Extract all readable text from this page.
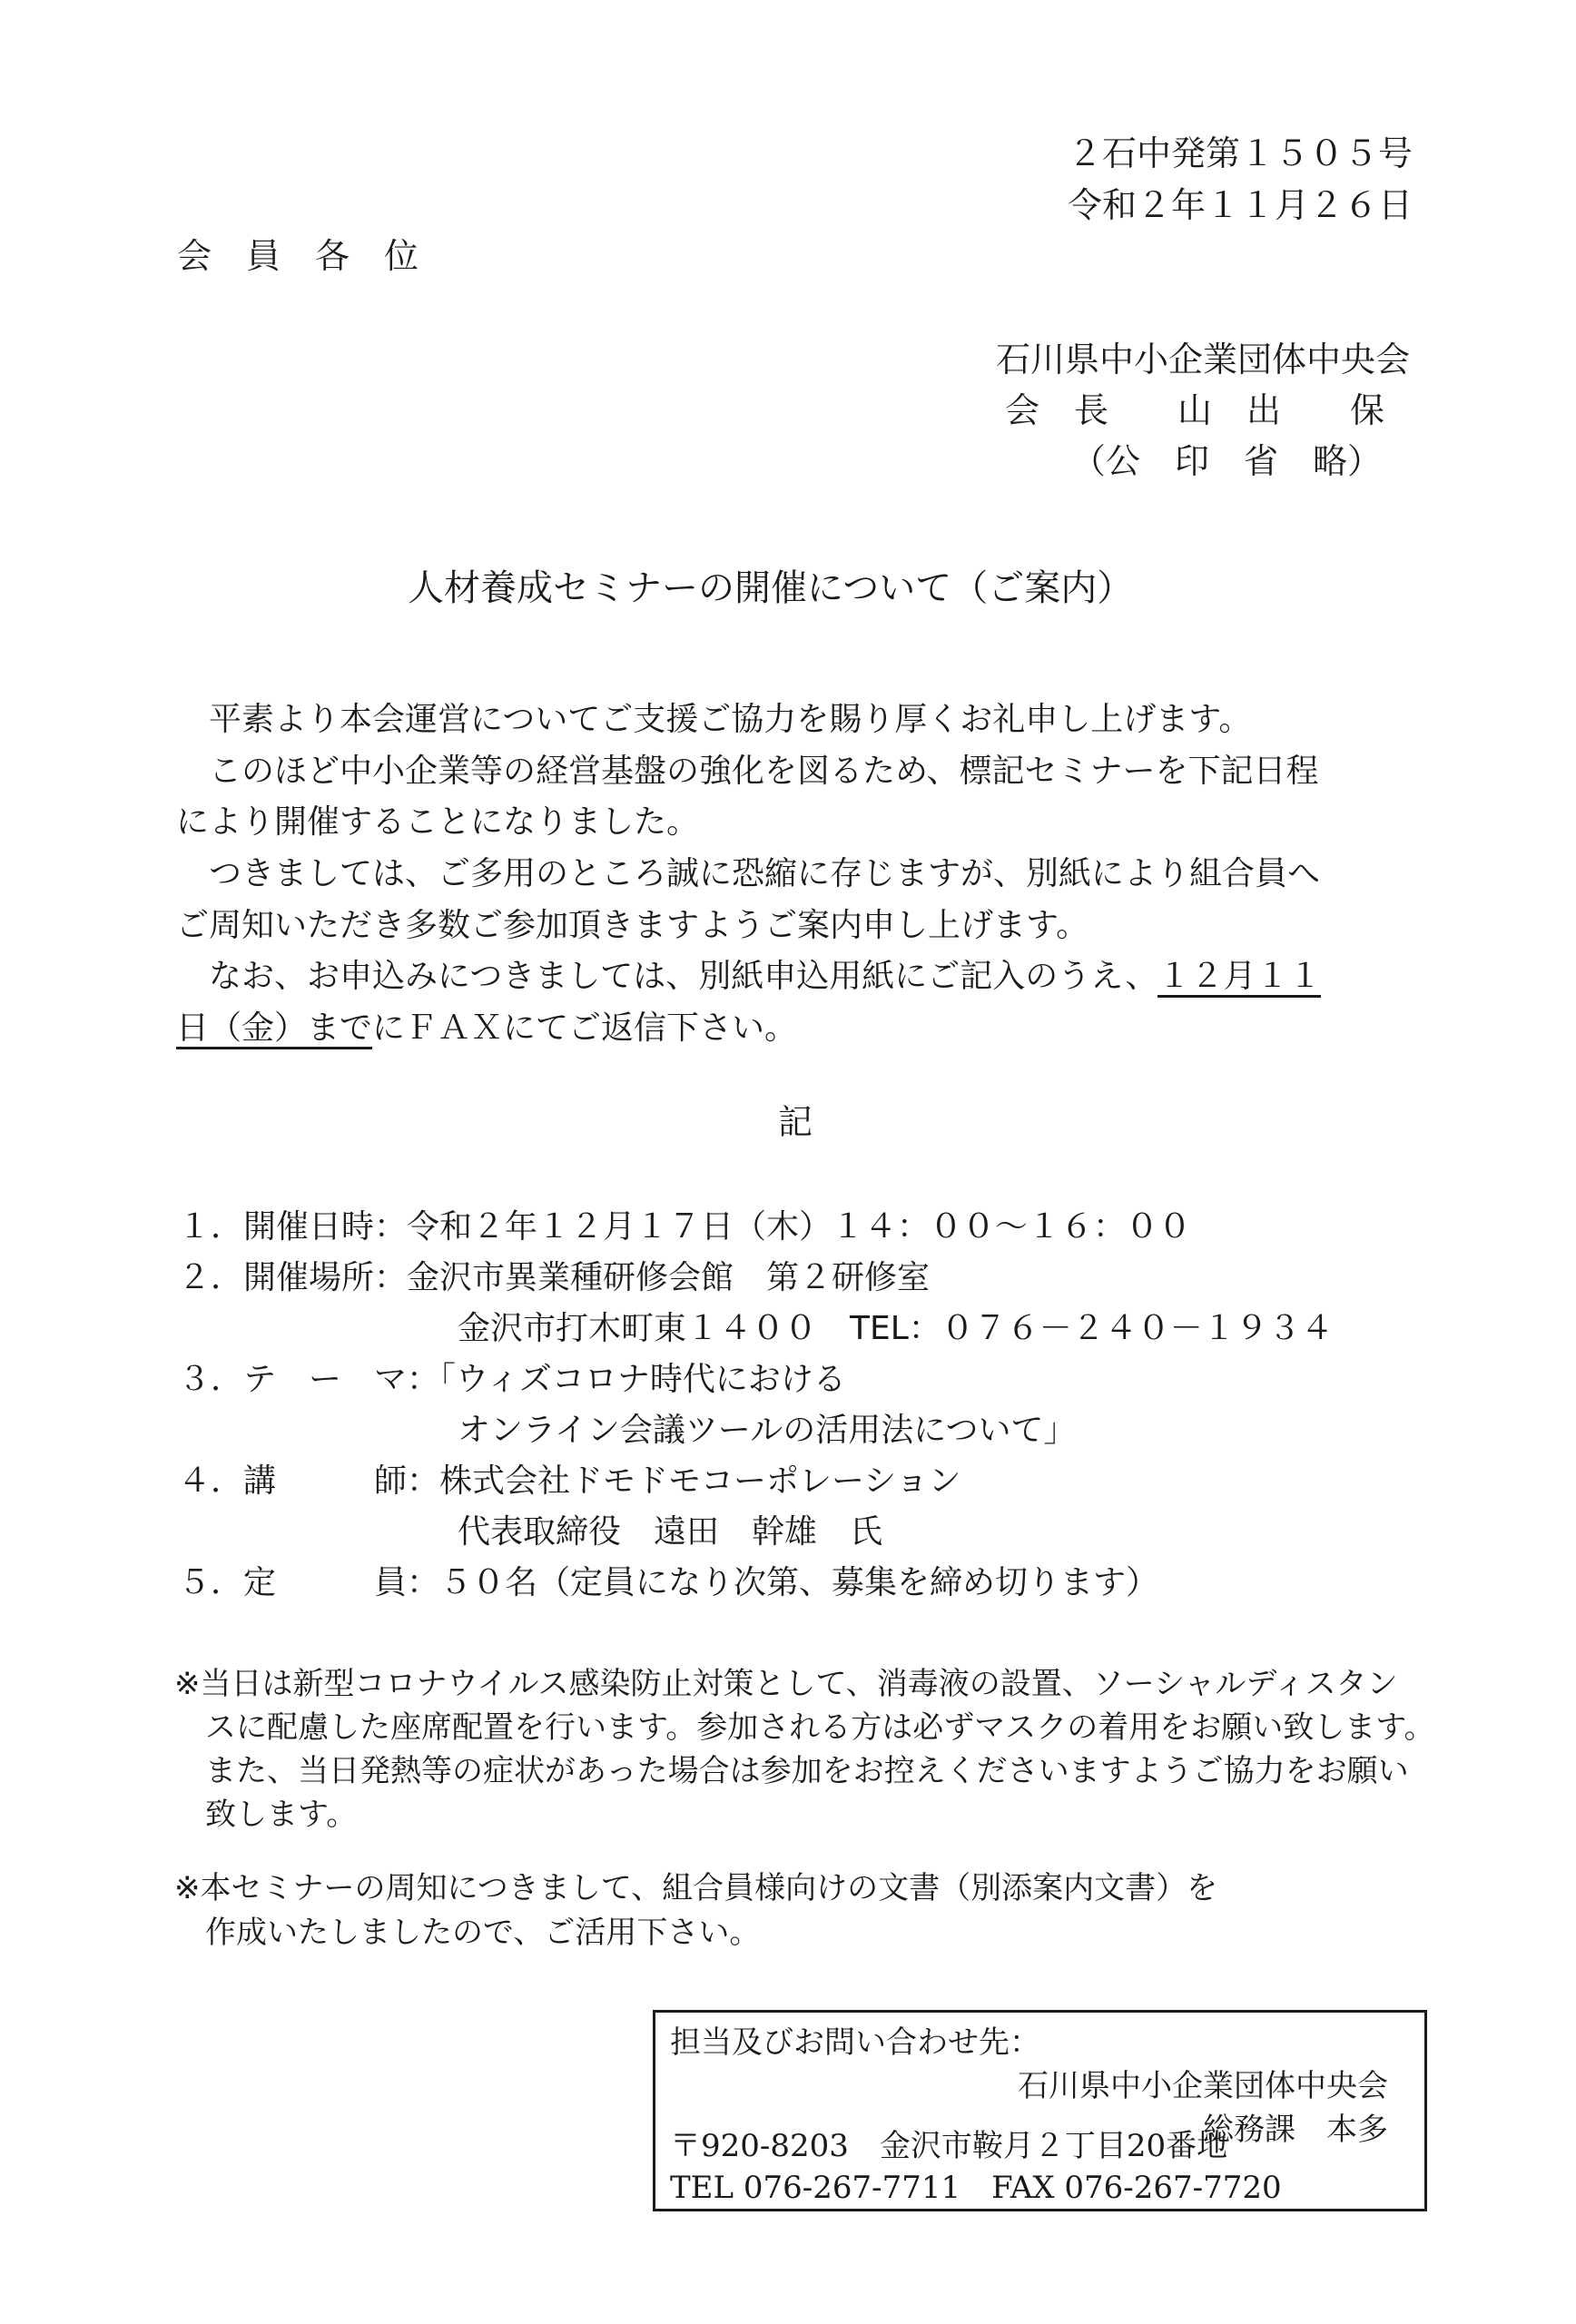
２石中発第１５０５号
令和２年１１月２６日
会　員　各　位
石川県中小企業団体中央会
会　長　　山　出　　保
（公　印　省　略）
人材養成セミナーの開催について（ご案内）
　平素より本会運営についてご支援ご協力を賜り厚くお礼申し上げます。
　このほど中小企業等の経営基盤の強化を図るため、標記セミナーを下記日程
により開催することになりました。
　つきましては、ご多用のところ誠に恐縮に存じますが、別紙により組合員へ
ご周知いただき多数ご参加頂きますようご案内申し上げます。
　なお、お申込みにつきましては、別紙申込用紙にご記入のうえ、１２月１１
日（金）までにＦＡＸにてご返信下さい。
記
１．開催日時：令和２年１２月１７日（木）１４：００～１６：００
２．開催場所：金沢市異業種研修会館　第２研修室
金沢市打木町東１４００　TEL：０７６－２４０－１９３４
３．テ　ー　マ：「ウィズコロナ時代における
オンライン会議ツールの活用法について」
４．講　　　師：株式会社ドモドモコーポレーション
代表取締役　遠田　幹雄　氏
５．定　　　員：５０名（定員になり次第、募集を締め切ります）
※当日は新型コロナウイルス感染防止対策として、消毒液の設置、ソーシャルディスタン
　スに配慮した座席配置を行います。参加される方は必ずマスクの着用をお願い致します。
　また、当日発熱等の症状があった場合は参加をお控えくださいますようご協力をお願い
　致します。
※本セミナーの周知につきまして、組合員様向けの文書（別添案内文書）を
　作成いたしましたので、ご活用下さい。
担当及びお問い合わせ先：
石川県中小企業団体中央会
総務課　本多
〒920-8203　金沢市鞍月２丁目20番地
TEL 076-267-7711　FAX 076-267-7720
